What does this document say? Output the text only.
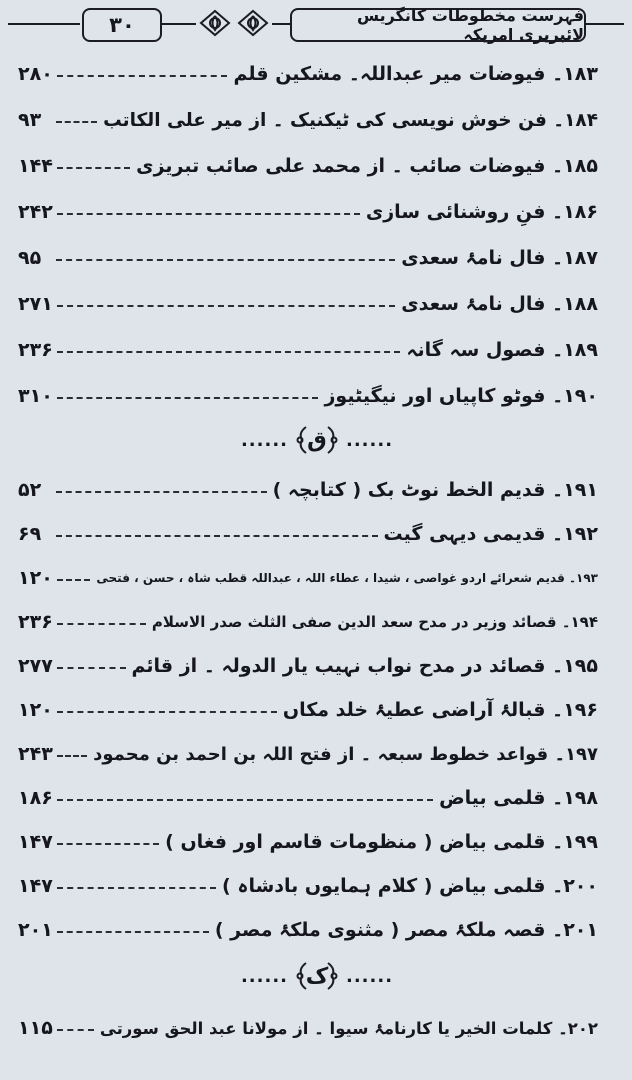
۳۰	فہرست مخطوطات کانگریس لائبریری امریکہ
۲۸۰	۱۸۳۔ فیوضات میر عبداللہ۔ مشکین قلم
۹۳	۱۸۴۔ فن خوش نویسی کی ٹیکنیک ۔ از میر علی الکاتب
۱۴۴	۱۸۵۔ فیوضات صائب ۔ از محمد علی صائب تبریزی
۲۴۲	۱۸۶۔ فنِ روشنائی سازی
۹۵	۱۸۷۔ فال نامۂ سعدی
۲۷۱	۱۸۸۔ فال نامۂ سعدی
۲۳۶	۱۸۹۔ فصول سہ گانہ
۳۱۰	۱۹۰۔ فوٹو کاپیاں اور نیگیٹیوز
...... ق ......
۵۲	۱۹۱۔ قدیم الخط نوٹ بک ( کتابچہ )
۶۹	۱۹۲۔ قدیمی دیہی گیت
۱۲۰	۱۹۳۔ قدیم شعرائے اردو غواصی ، شیدا ، عطاء اللہ ، عبداللہ قطب شاہ ، حسن ، فتحی
۲۳۶	۱۹۴۔ قصائد وزیر در مدح سعد الدین صفی الثلث صدر الاسلام
۲۷۷	۱۹۵۔ قصائد در مدح نواب نہیب یار الدولہ ۔ از قائم
۱۲۰	۱۹۶۔ قبالۂ آراضی عطیۂ خلد مکاں
۲۴۳ ۱۹۷۔ قواعد خطوط سبعہ ۔ از فتح اللہ بن احمد بن محمود
۱۸۶	۱۹۸۔ قلمی بیاض
۱۴۷	۱۹۹۔ قلمی بیاض ( منظومات قاسم اور فغاں )
۱۴۷	۲۰۰۔ قلمی بیاض ( کلام ہمایوں بادشاہ )
۲۰۱	۲۰۱۔ قصہ ملکۂ مصر ( مثنوی ملکۂ مصر )
...... ک ......
۱۱۵	۲۰۲۔ کلمات الخیر یا کارنامۂ سیوا ۔ از مولانا عبد الحق سورتی
